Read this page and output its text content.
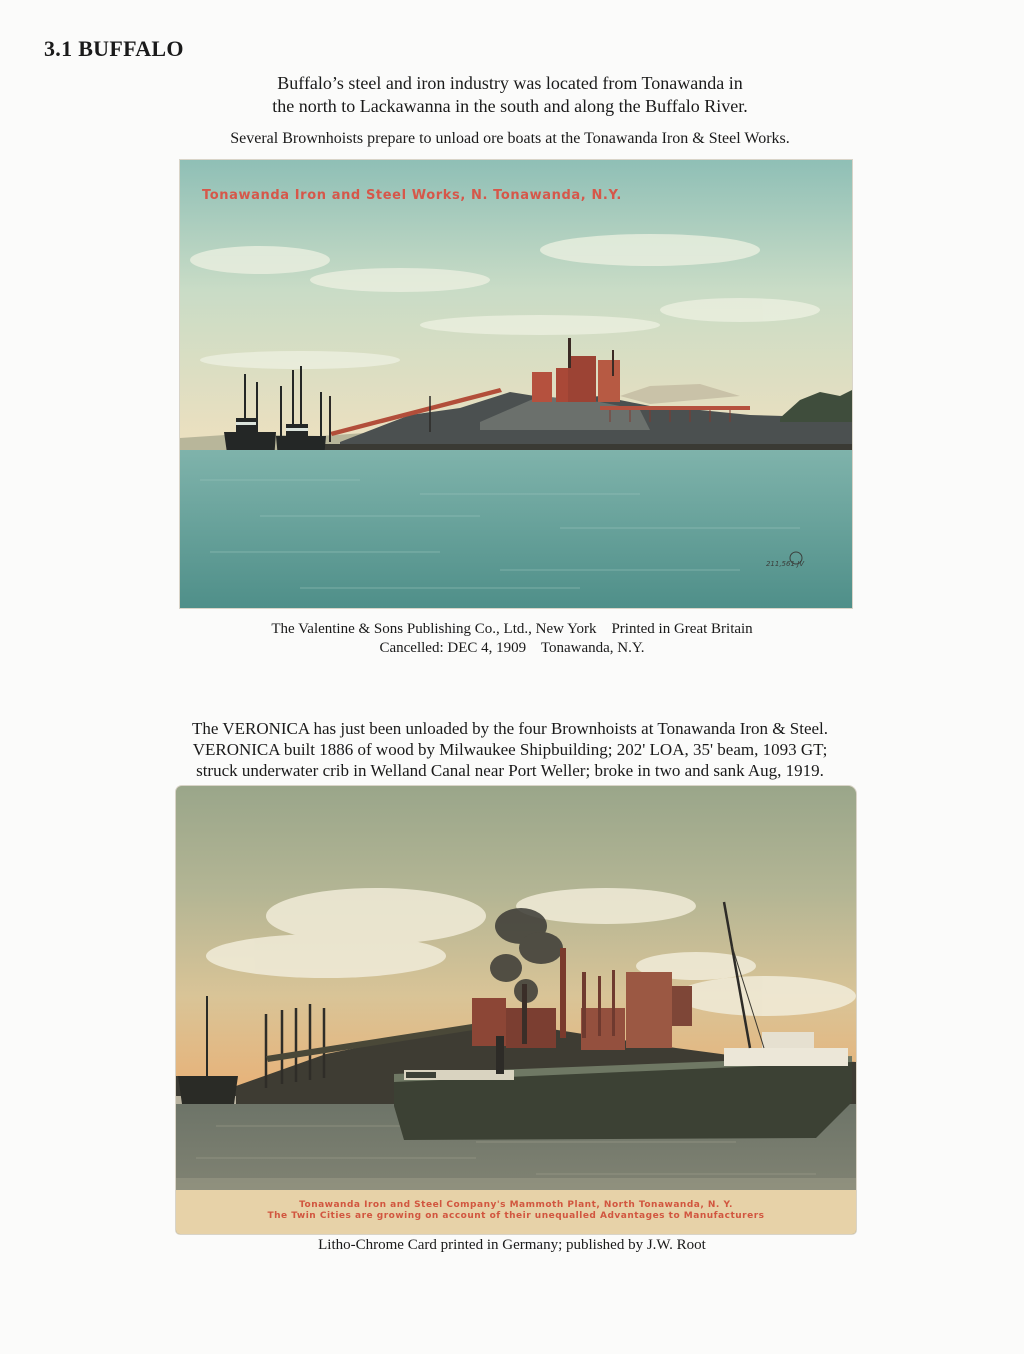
3.1 BUFFALO
Buffalo’s steel and iron industry was located from Tonawanda in
the north to Lackawanna in the south and along the Buffalo River.
Several Brownhoists prepare to unload ore boats at the Tonawanda Iron & Steel Works.
Tonawanda Iron and Steel Works, N. Tonawanda, N.Y.
211,561 JV
The Valentine & Sons Publishing Co., Ltd., New York    Printed in Great Britain
Cancelled: DEC 4, 1909    Tonawanda, N.Y.
The VERONICA has just been unloaded by the four Brownhoists at Tonawanda Iron & Steel.
VERONICA built 1886 of wood by Milwaukee Shipbuilding; 202' LOA, 35' beam, 1093 GT;
struck underwater crib in Welland Canal near Port Weller; broke in two and sank Aug, 1919.
Tonawanda Iron and Steel Company's Mammoth Plant, North Tonawanda, N. Y.
The Twin Cities are growing on account of their unequalled Advantages to Manufacturers
Litho-Chrome Card printed in Germany; published by J.W. Root
